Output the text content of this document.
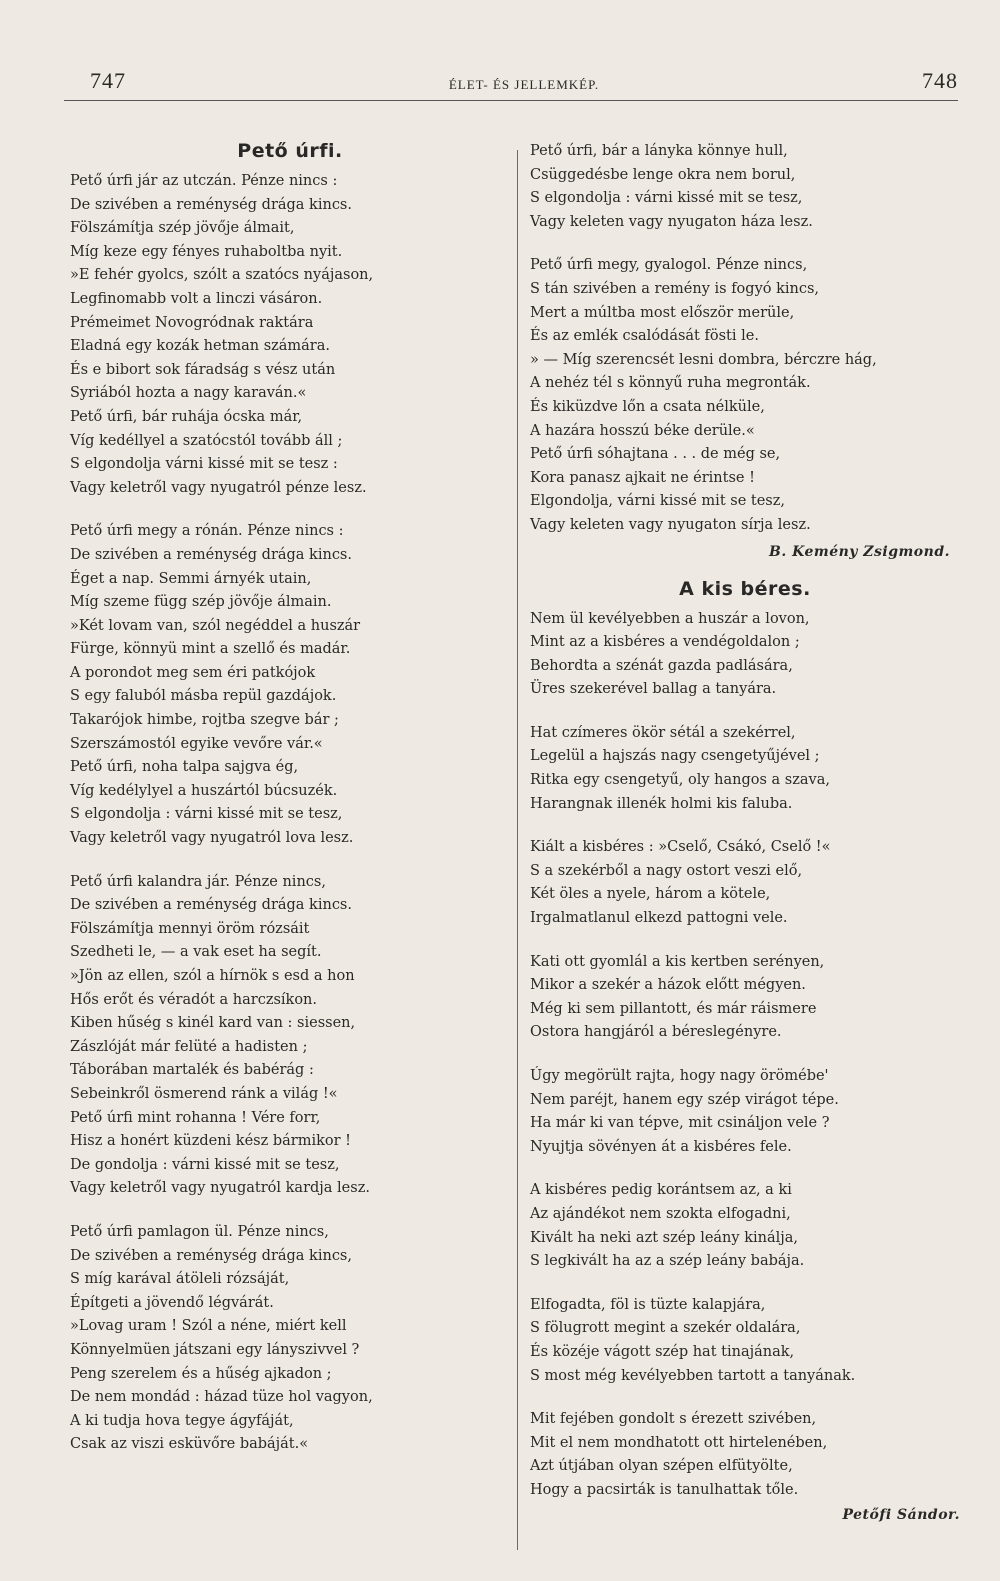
747	ÉLET- ÉS JELLEMKÉP.	748
Pető úrfi.
Pető úrfi jár az utczán. Pénze nincs :
De szivében a reménység drága kincs.
Fölszámítja szép jövője álmait,
Míg keze egy fényes ruhaboltba nyit.
»E fehér gyolcs, szólt a szatócs nyájason,
Legfinomabb volt a linczi vásáron.
Prémeimet Novogródnak raktára
Eladná egy kozák hetman számára.
És e bibort sok fáradság s vész után
Syriából hozta a nagy karaván.«
Pető úrfi, bár ruhája ócska már,
Víg kedéllyel a szatócstól tovább áll ;
S elgondolja várni kissé mit se tesz :
Vagy keletről vagy nyugatról pénze lesz.
Pető úrfi megy a rónán. Pénze nincs :
De szivében a reménység drága kincs.
Éget a nap. Semmi árnyék utain,
Míg szeme függ szép jövője álmain.
»Két lovam van, szól negéddel a huszár
Fürge, könnyü mint a szellő és madár.
A porondot meg sem éri patkójok
S egy faluból másba repül gazdájok.
Takarójok himbe, rojtba szegve bár ;
Szerszámostól egyike vevőre vár.«
Pető úrfi, noha talpa sajgva ég,
Víg kedélylyel a huszártól búcsuzék.
S elgondolja : várni kissé mit se tesz,
Vagy keletről vagy nyugatról lova lesz.
Pető úrfi kalandra jár. Pénze nincs,
De szivében a reménység drága kincs.
Fölszámítja mennyi öröm rózsáit
Szedheti le, — a vak eset ha segít.
»Jön az ellen, szól a hírnök s esd a hon
Hős erőt és véradót a harczsíkon.
Kiben hűség s kinél kard van : siessen,
Zászlóját már felüté a hadisten ;
Táborában martalék és babérág :
Sebeinkről ösmerend ránk a világ !«
Pető úrfi mint rohanna ! Vére forr,
Hisz a honért küzdeni kész bármikor !
De gondolja : várni kissé mit se tesz,
Vagy keletről vagy nyugatról kardja lesz.
Pető úrfi pamlagon ül. Pénze nincs,
De szivében a reménység drága kincs,
S míg karával átöleli rózsáját,
Építgeti a jövendő légvárát.
»Lovag uram ! Szól a néne, miért kell
Könnyelmüen játszani egy lányszivvel ?
Peng szerelem és a hűség ajkadon ;
De nem mondád : házad tüze hol vagyon,
A ki tudja hova tegye ágyfáját,
Csak az viszi esküvőre babáját.«
Pető úrfi, bár a lányka könnye hull,
Csüggedésbe lenge okra nem borul,
S elgondolja : várni kissé mit se tesz,
Vagy keleten vagy nyugaton háza lesz.
Pető úrfi megy, gyalogol. Pénze nincs,
S tán szivében a remény is fogyó kincs,
Mert a múltba most először merüle,
És az emlék csalódását fösti le.
» — Míg szerencsét lesni dombra, bérczre hág,
A nehéz tél s könnyű ruha megronták.
És kiküzdve lőn a csata nélküle,
A hazára hosszú béke derüle.«
Pető úrfi sóhajtana . . . de még se,
Kora panasz ajkait ne érintse !
Elgondolja, várni kissé mit se tesz,
Vagy keleten vagy nyugaton sírja lesz.
B. Kemény Zsigmond.
A kis béres.
Nem ül kevélyebben a huszár a lovon,
Mint az a kisbéres a vendégoldalon ;
Behordta a szénát gazda padlására,
Üres szekerével ballag a tanyára.
Hat czímeres ökör sétál a szekérrel,
Legelül a hajszás nagy csengetyűjével ;
Ritka egy csengetyű, oly hangos a szava,
Harangnak illenék holmi kis faluba.
Kiált a kisbéres : »Cselő, Csákó, Cselő !«
S a szekérből a nagy ostort veszi elő,
Két öles a nyele, három a kötele,
Irgalmatlanul elkezd pattogni vele.
Kati ott gyomlál a kis kertben serényen,
Mikor a szekér a házok előtt mégyen.
Még ki sem pillantott, és már ráismere
Ostora hangjáról a béreslegényre.
Úgy megörült rajta, hogy nagy örömébe'
Nem paréjt, hanem egy szép virágot tépe.
Ha már ki van tépve, mit csináljon vele ?
Nyujtja sövényen át a kisbéres fele.
A kisbéres pedig korántsem az, a ki
Az ajándékot nem szokta elfogadni,
Kivált ha neki azt szép leány kinálja,
S legkivált ha az a szép leány babája.
Elfogadta, föl is tüzte kalapjára,
S fölugrott megint a szekér oldalára,
És közéje vágott szép hat tinajának,
S most még kevélyebben tartott a tanyának.
Mit fejében gondolt s érezett szivében,
Mit el nem mondhatott ott hirtelenében,
Azt útjában olyan szépen elfütyölte,
Hogy a pacsirták is tanulhattak tőle.
Petőfi Sándor.
